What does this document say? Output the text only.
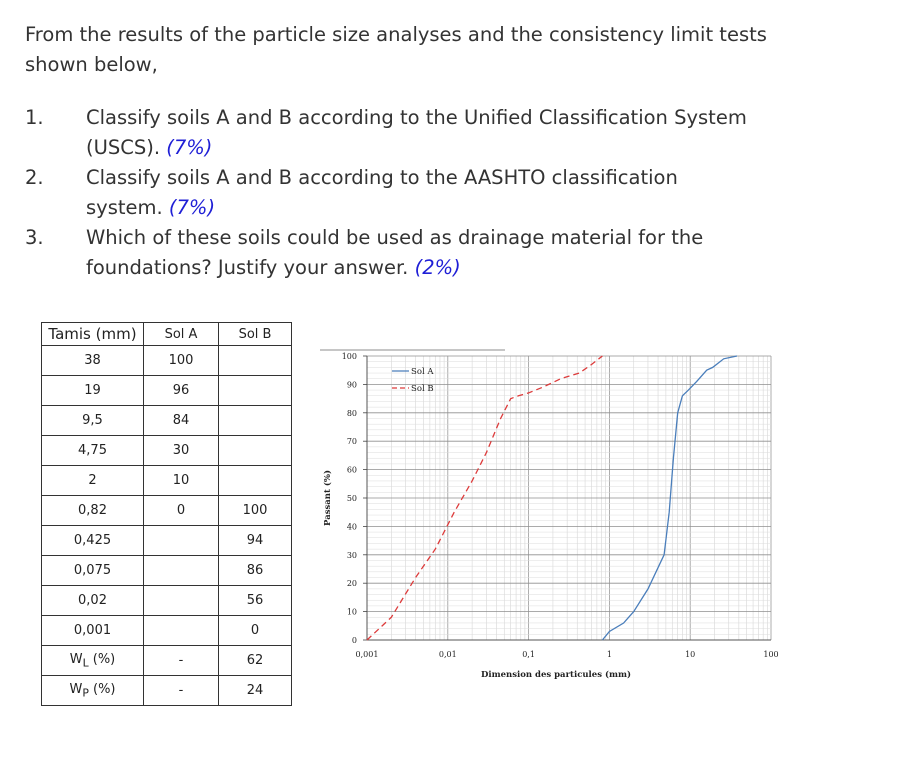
From the results of the particle size analyses and the consistency limit tests shown below,
1. Classify soils A and B according to the Unified Classification System
(USCS). (7%)
2. Classify soils A and B according to the AASHTO classification
system. (7%)
3. Which of these soils could be used as drainage material for the
foundations? Justify your answer. (2%)
Tamis (mm)	Sol A	Sol B
38	100	
19	96	
9,5	84	
4,75	30	
2	10	
0,82	0	100
0,425		94
0,075		86
0,02		56
0,001		0
$W_L$ (%)	-	62
$W_P$ (%)	-	24
0
10
20
30
40
50
60
70
80
90
100
0,001	0,01	0,1	1	10	100
Dimension des particules (mm)
Passant (%)
Sol A
Sol B
